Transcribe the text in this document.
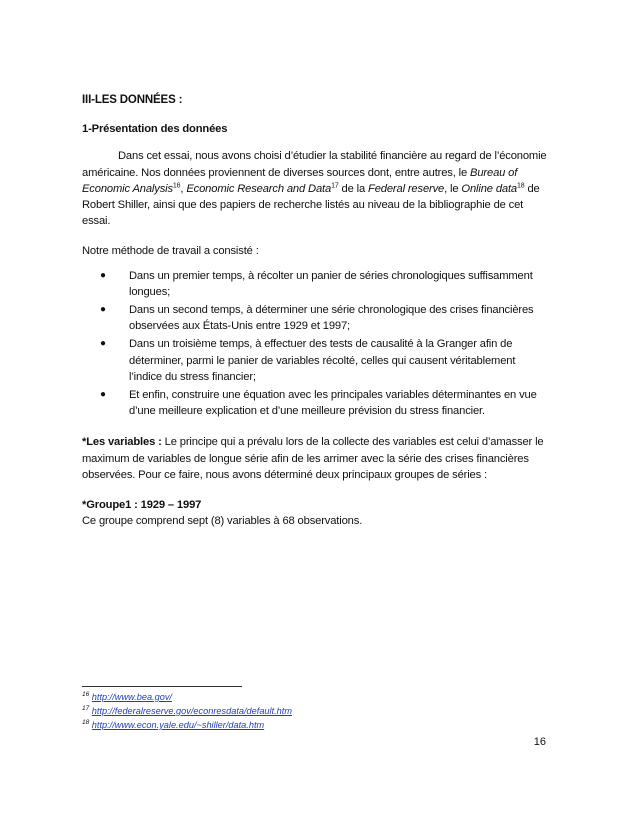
III-LES DONNÉES :
1-Présentation des données

Dans cet essai, nous avons choisi d’étudier la stabilité financière au regard de l’économie américaine. Nos données proviennent de diverses sources dont, entre autres, le Bureau of Economic Analysis$^{16}$, Economic Research and Data$^{17}$ de la Federal reserve, le Online data$^{18}$ de Robert Shiller, ainsi que des papiers de recherche listés au niveau de la bibliographie de cet essai.

Notre méthode de travail a consisté :

● Dans un premier temps, à récolter un panier de séries chronologiques suffisamment longues;
● Dans un second temps, à déterminer une série chronologique des crises financières observées aux États-Unis entre 1929 et 1997;
● Dans un troisième temps, à effectuer des tests de causalité à la Granger afin de déterminer, parmi le panier de variables récolté, celles qui causent véritablement l’indice du stress financier;
● Et enfin, construire une équation avec les principales variables déterminantes en vue d’une meilleure explication et d’une meilleure prévision du stress financier.

*Les variables : Le principe qui a prévalu lors de la collecte des variables est celui d’amasser le maximum de variables de longue série afin de les arrimer avec la série des crises financières observées. Pour ce faire, nous avons déterminé deux principaux groupes de séries :

*Groupe1 : 1929 – 1997

Ce groupe comprend sept (8) variables à 68 observations.

$^{16}$ http://www.bea.gov/
$^{17}$ http://federalreserve.gov/econresdata/default.htm
$^{18}$ http://www.econ.yale.edu/~shiller/data.htm
16
